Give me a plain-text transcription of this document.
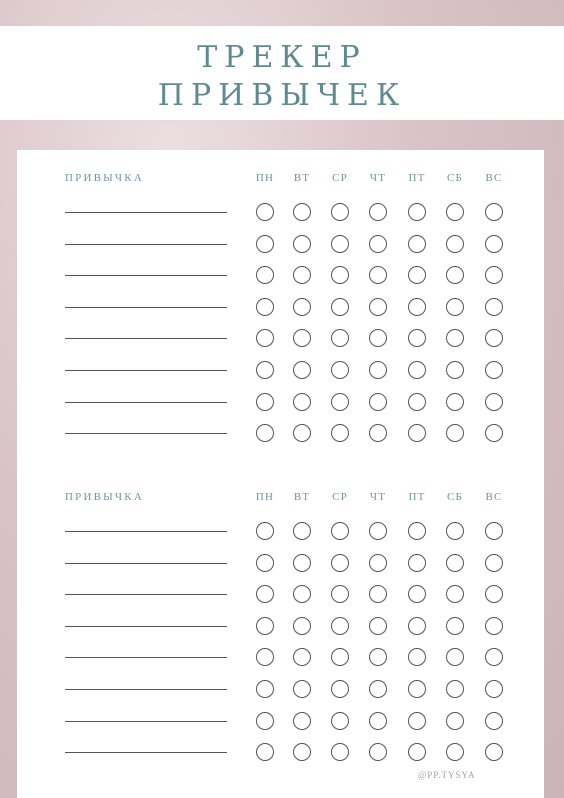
ТРЕКЕР
ПРИВЫЧЕК
ПРИВЫЧКА	ПН	ВТ	СР	ЧТ	ПТ	СБ	ВС
ПРИВЫЧКА	ПН	ВТ	СР	ЧТ	ПТ	СБ	ВС
@PP.TYSYA
